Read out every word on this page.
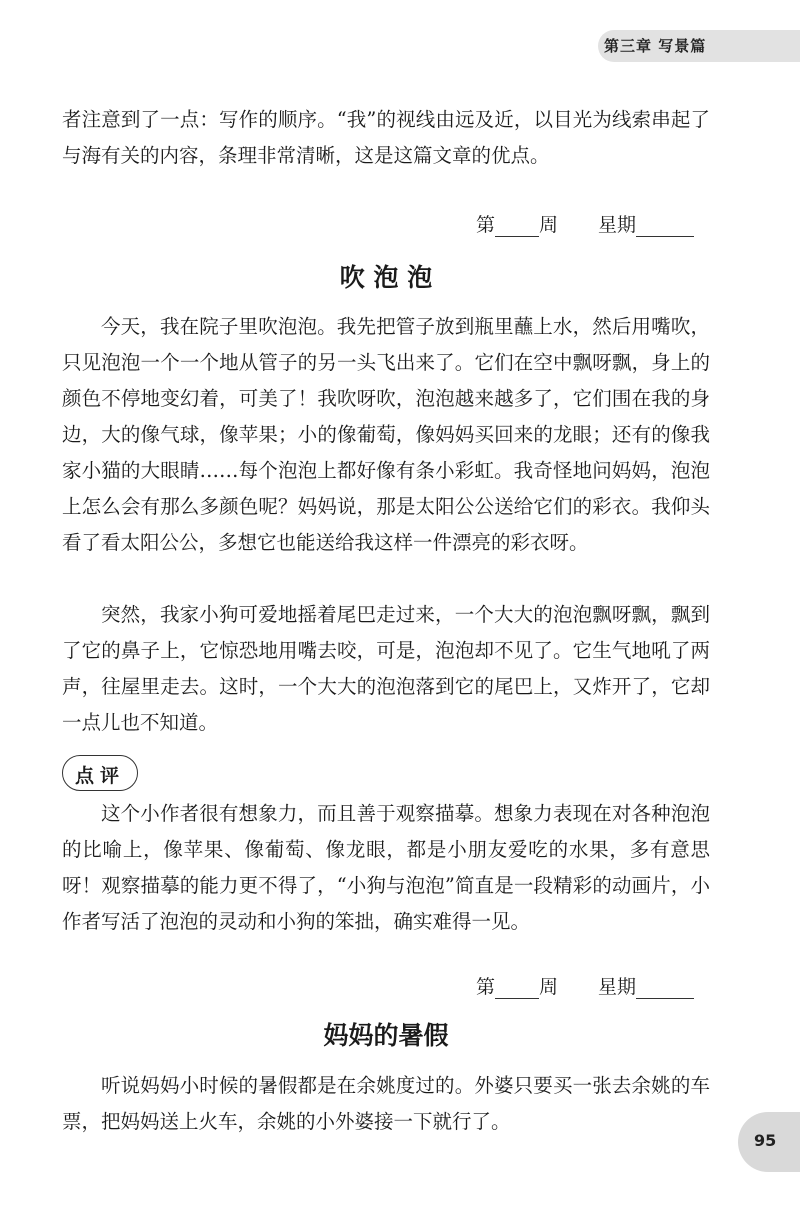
第三章 写景篇

者注意到了一点：写作的顺序。“我”的视线由远及近，以目光为线索串起了与海有关的内容，条理非常清晰，这是这篇文章的优点。

第 周 星期
吹 泡 泡

今天，我在院子里吹泡泡。我先把管子放到瓶里蘸上水，然后用嘴吹，只见泡泡一个一个地从管子的另一头飞出来了。它们在空中飘呀飘，身上的颜色不停地变幻着，可美了！我吹呀吹，泡泡越来越多了，它们围在我的身边，大的像气球，像苹果；小的像葡萄，像妈妈买回来的龙眼；还有的像我家小猫的大眼睛……每个泡泡上都好像有条小彩虹。我奇怪地问妈妈，泡泡上怎么会有那么多颜色呢？妈妈说，那是太阳公公送给它们的彩衣。我仰头看了看太阳公公，多想它也能送给我这样一件漂亮的彩衣呀。

突然，我家小狗可爱地摇着尾巴走过来，一个大大的泡泡飘呀飘，飘到了它的鼻子上，它惊恐地用嘴去咬，可是，泡泡却不见了。它生气地吼了两声，往屋里走去。这时，一个大大的泡泡落到它的尾巴上，又炸开了，它却一点儿也不知道。

点评

这个小作者很有想象力，而且善于观察描摹。想象力表现在对各种泡泡的比喻上，像苹果、像葡萄、像龙眼，都是小朋友爱吃的水果，多有意思呀！观察描摹的能力更不得了，“小狗与泡泡”简直是一段精彩的动画片，小作者写活了泡泡的灵动和小狗的笨拙，确实难得一见。

第 周 星期
妈妈的暑假

听说妈妈小时候的暑假都是在余姚度过的。外婆只要买一张去余姚的车票，把妈妈送上火车，余姚的小外婆接一下就行了。

95
